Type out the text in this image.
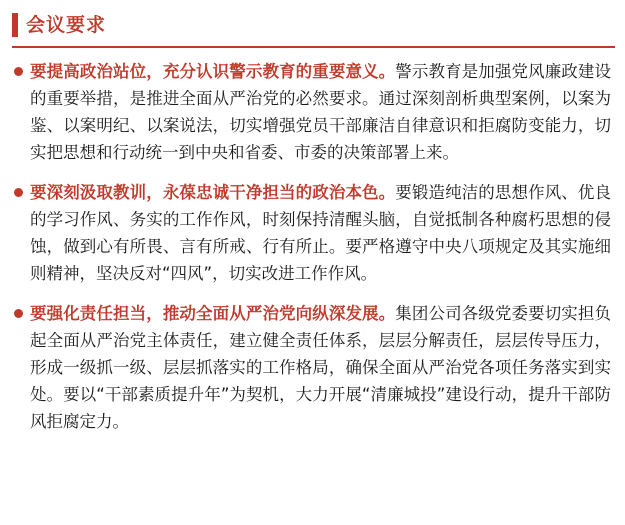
会议要求
要提高政治站位，充分认识警示教育的重要意义。警示教育是加强党风廉政建设的重要举措，是推进全面从严治党的必然要求。通过深刻剖析典型案例，以案为鉴、以案明纪、以案说法，切实增强党员干部廉洁自律意识和拒腐防变能力，切实把思想和行动统一到中央和省委、市委的决策部署上来。
要深刻汲取教训，永葆忠诚干净担当的政治本色。要锻造纯洁的思想作风、优良的学习作风、务实的工作作风，时刻保持清醒头脑，自觉抵制各种腐朽思想的侵蚀，做到心有所畏、言有所戒、行有所止。要严格遵守中央八项规定及其实施细则精神，坚决反对“四风”，切实改进工作作风。
要强化责任担当，推动全面从严治党向纵深发展。集团公司各级党委要切实担负起全面从严治党主体责任，建立健全责任体系，层层分解责任，层层传导压力，形成一级抓一级、层层抓落实的工作格局，确保全面从严治党各项任务落实到实处。要以“干部素质提升年”为契机，大力开展“清廉城投”建设行动，提升干部防风拒腐定力。
